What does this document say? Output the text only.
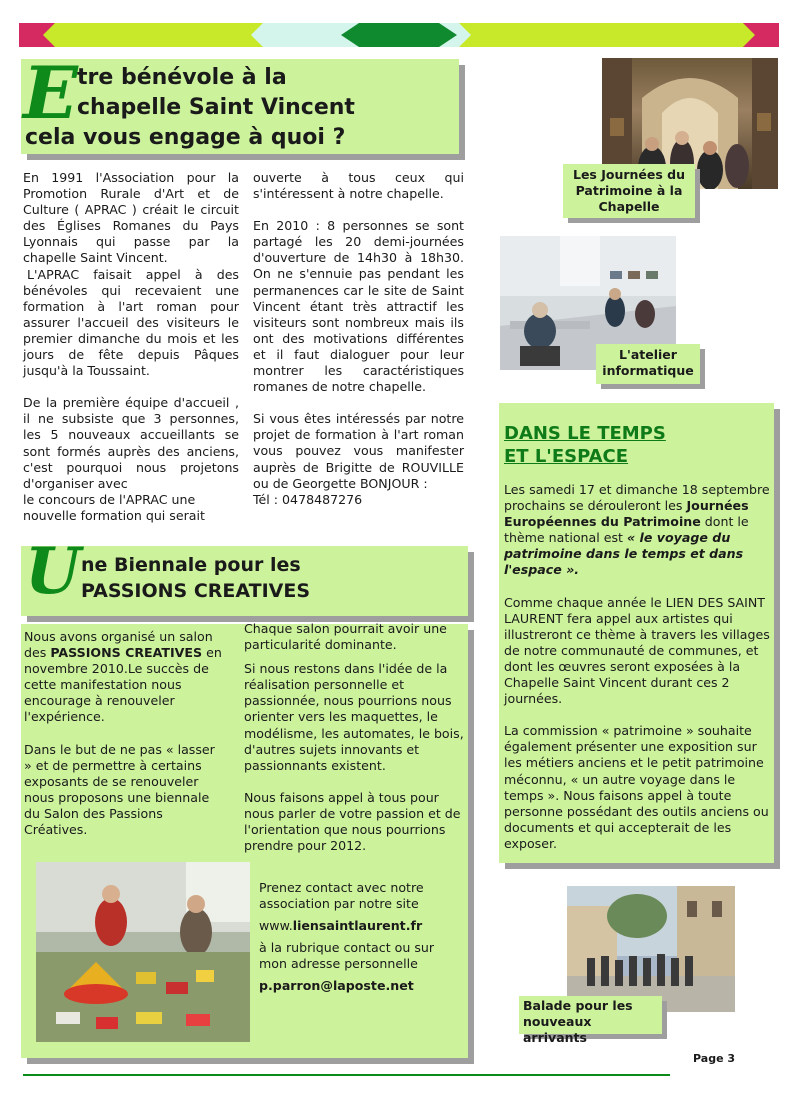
E tre bénévole à la
chapelle Saint Vincent
cela vous engage à quoi ?

En 1991 l'Association pour la Promotion Rurale d'Art et de Culture ( APRAC ) créait le circuit des Églises Romanes du Pays Lyonnais qui passe par la chapelle Saint Vincent.

L'APRAC faisait appel à des bénévoles qui recevaient une formation à l'art roman pour assurer l'accueil des visiteurs le premier dimanche du mois et les jours de fête depuis Pâques jusqu'à la Toussaint.

De la première équipe d'accueil , il ne subsiste que 3 personnes, les 5 nouveaux accueillants se sont formés auprès des anciens, c'est pourquoi nous projetons d'organiser avec
le concours de l'APRAC une
nouvelle formation qui serait

ouverte à tous ceux qui s'intéressent à notre chapelle.

En 2010 : 8 personnes se sont partagé les 20 demi-journées d'ouverture de 14h30 à 18h30. On ne s'ennuie pas pendant les permanences car le site de Saint Vincent étant très attractif les visiteurs sont nombreux mais ils ont des motivations différentes et il faut dialoguer pour leur montrer les caractéristiques romanes de notre chapelle.

Si vous êtes intéressés par notre projet de formation à l'art roman vous pouvez vous manifester auprès de Brigitte de ROUVILLE ou de Georgette BONJOUR :

Tél : 0478487276

Les Journées du Patrimoine à la Chapelle
L'atelier informatique
DANS LE TEMPS
ET L'ESPACE

Les samedi 17 et dimanche 18 septembre prochains se dérouleront les Journées Européennes du Patrimoine dont le thème national est « le voyage du patrimoine dans le temps et dans l'espace ».

Comme chaque année le LIEN DES SAINT LAURENT fera appel aux artistes qui illustreront ce thème à travers les villages de notre communauté de communes, et dont les œuvres seront exposées à la Chapelle Saint Vincent durant ces 2 journées.

La commission « patrimoine » souhaite également présenter une exposition sur les métiers anciens et le petit patrimoine méconnu, « un autre voyage dans le temps ». Nous faisons appel à toute personne possédant des outils anciens ou documents et qui accepterait de les exposer.

U ne Biennale pour les
PASSIONS CREATIVES

Nous avons organisé un salon des PASSIONS CREATIVES en novembre 2010.Le succès de cette manifestation nous encourage à renouveler l'expérience.

Dans le but de ne pas « lasser » et de permettre à certains exposants de se renouveler nous proposons une biennale du Salon des Passions Créatives.

Chaque salon pourrait avoir une particularité dominante.

Si nous restons dans l'idée de la réalisation personnelle et passionnée, nous pourrions nous orienter vers les maquettes, le modélisme, les automates, le bois, d'autres sujets innovants et passionnants existent.

Nous faisons appel à tous pour nous parler de votre passion et de l'orientation que nous pourrions prendre pour 2012.

Prenez contact avec notre association par notre site

www.liensaintlaurent.fr

à la rubrique contact ou sur mon adresse personnelle

p.parron@laposte.net

Balade pour les nouveaux arrivants
Page 3
